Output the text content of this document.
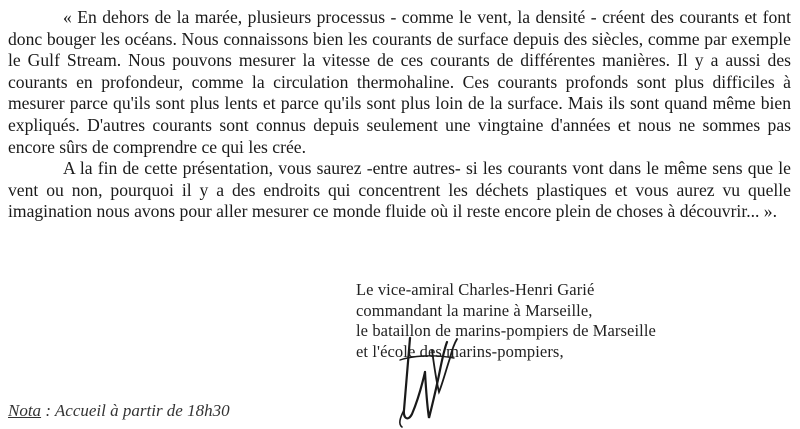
« En dehors de la marée, plusieurs processus - comme le vent, la densité - créent des courants et font donc bouger les océans. Nous connaissons bien les courants de surface depuis des siècles, comme par exemple le Gulf Stream. Nous pouvons mesurer la vitesse de ces courants de différentes manières. Il y a aussi des courants en profondeur, comme la circulation thermohaline. Ces courants profonds sont plus difficiles à mesurer parce qu'ils sont plus lents et parce qu'ils sont plus loin de la surface. Mais ils sont quand même bien expliqués. D'autres courants sont connus depuis seulement une vingtaine d'années et nous ne sommes pas encore sûrs de comprendre ce qui les crée.

A la fin de cette présentation, vous saurez -entre autres- si les courants vont dans le même sens que le vent ou non, pourquoi il y a des endroits qui concentrent les déchets plastiques et vous aurez vu quelle imagination nous avons pour aller mesurer ce monde fluide où il reste encore plein de choses à découvrir... ».

Le vice-amiral Charles-Henri Garié
commandant la marine à Marseille,
le bataillon de marins-pompiers de Marseille
et l'école des marins-pompiers,
Nota : Accueil à partir de 18h30
